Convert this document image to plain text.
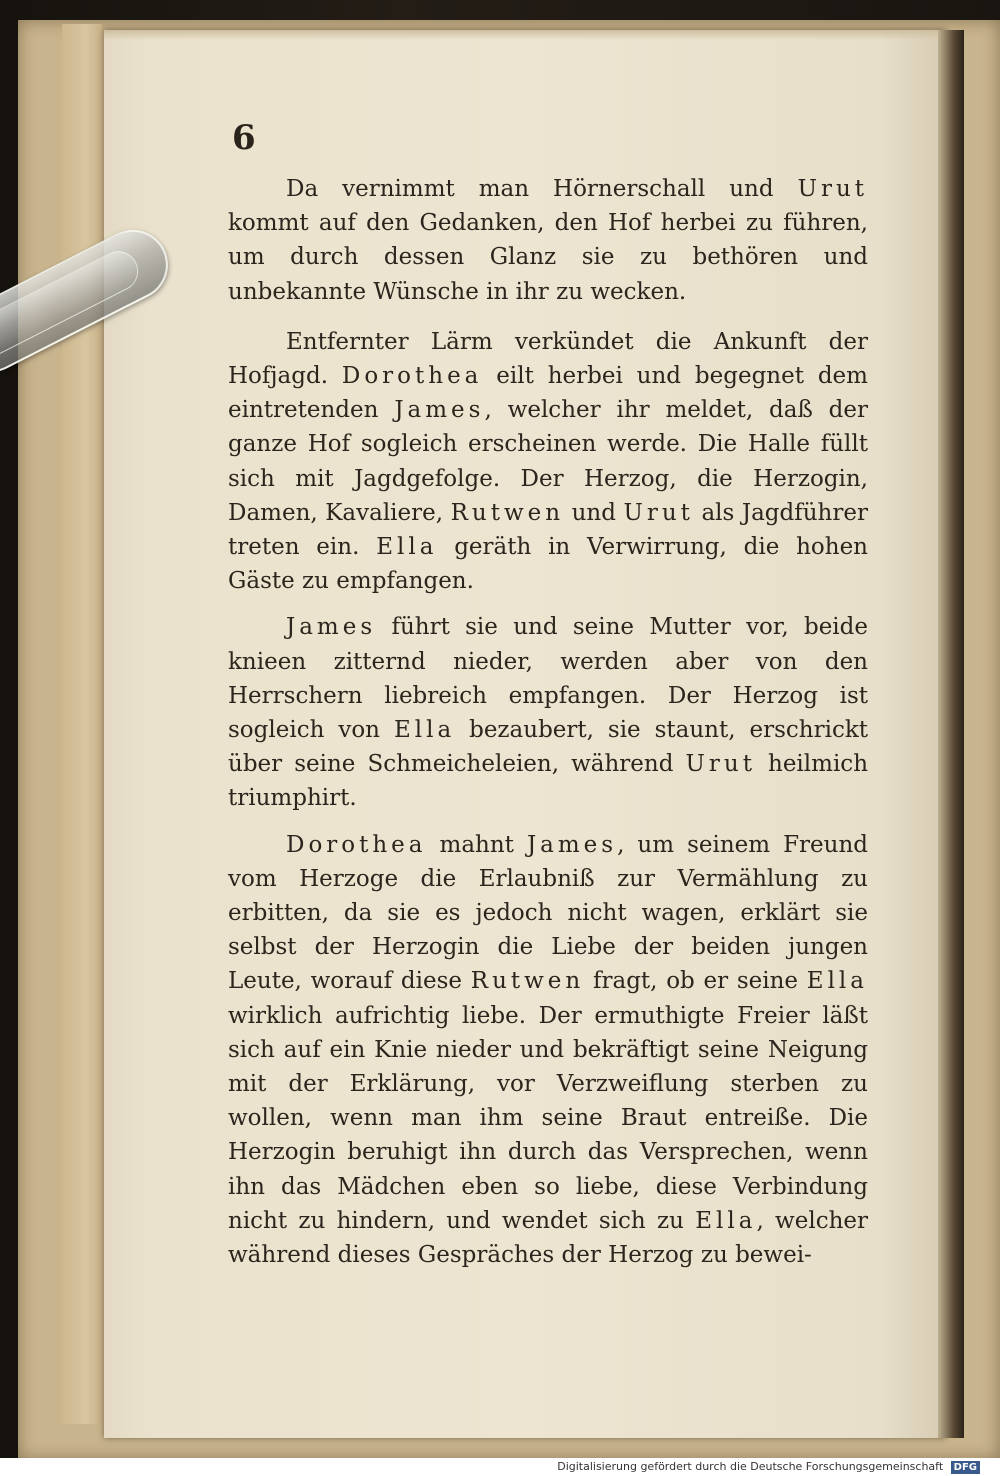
6

Da vernimmt man Hörnerschall und Urut kommt auf den Gedanken, den Hof herbei zu führen, um durch dessen Glanz sie zu bethören und unbekannte Wünsche in ihr zu wecken.

Entfernter Lärm verkündet die Ankunft der Hofjagd. Dorothea eilt herbei und begegnet dem eintretenden James, welcher ihr meldet, daß der ganze Hof sogleich erscheinen werde. Die Halle füllt sich mit Jagdgefolge. Der Herzog, die Herzogin, Damen, Kavaliere, Rutwen und Urut als Jagdführer treten ein. Ella geräth in Verwirrung, die hohen Gäste zu empfangen.

James führt sie und seine Mutter vor, beide knieen zitternd nieder, werden aber von den Herrschern liebreich empfangen. Der Herzog ist sogleich von Ella bezaubert, sie staunt, erschrickt über seine Schmeicheleien, während Urut heilmich triumphirt.

Dorothea mahnt James, um seinem Freund vom Herzoge die Erlaubniß zur Vermählung zu erbitten, da sie es jedoch nicht wagen, erklärt sie selbst der Herzogin die Liebe der beiden jungen Leute, worauf diese Rutwen fragt, ob er seine Ella wirklich aufrichtig liebe. Der ermuthigte Freier läßt sich auf ein Knie nieder und bekräftigt seine Neigung mit der Erklärung, vor Verzweiflung sterben zu wollen, wenn man ihm seine Braut entreiße. Die Herzogin beruhigt ihn durch das Versprechen, wenn ihn das Mädchen eben so liebe, diese Verbindung nicht zu hindern, und wendet sich zu Ella, welcher während dieses Gespräches der Herzog zu bewei-

Digitalisierung gefördert durch die Deutsche Forschungsgemeinschaft DFG
